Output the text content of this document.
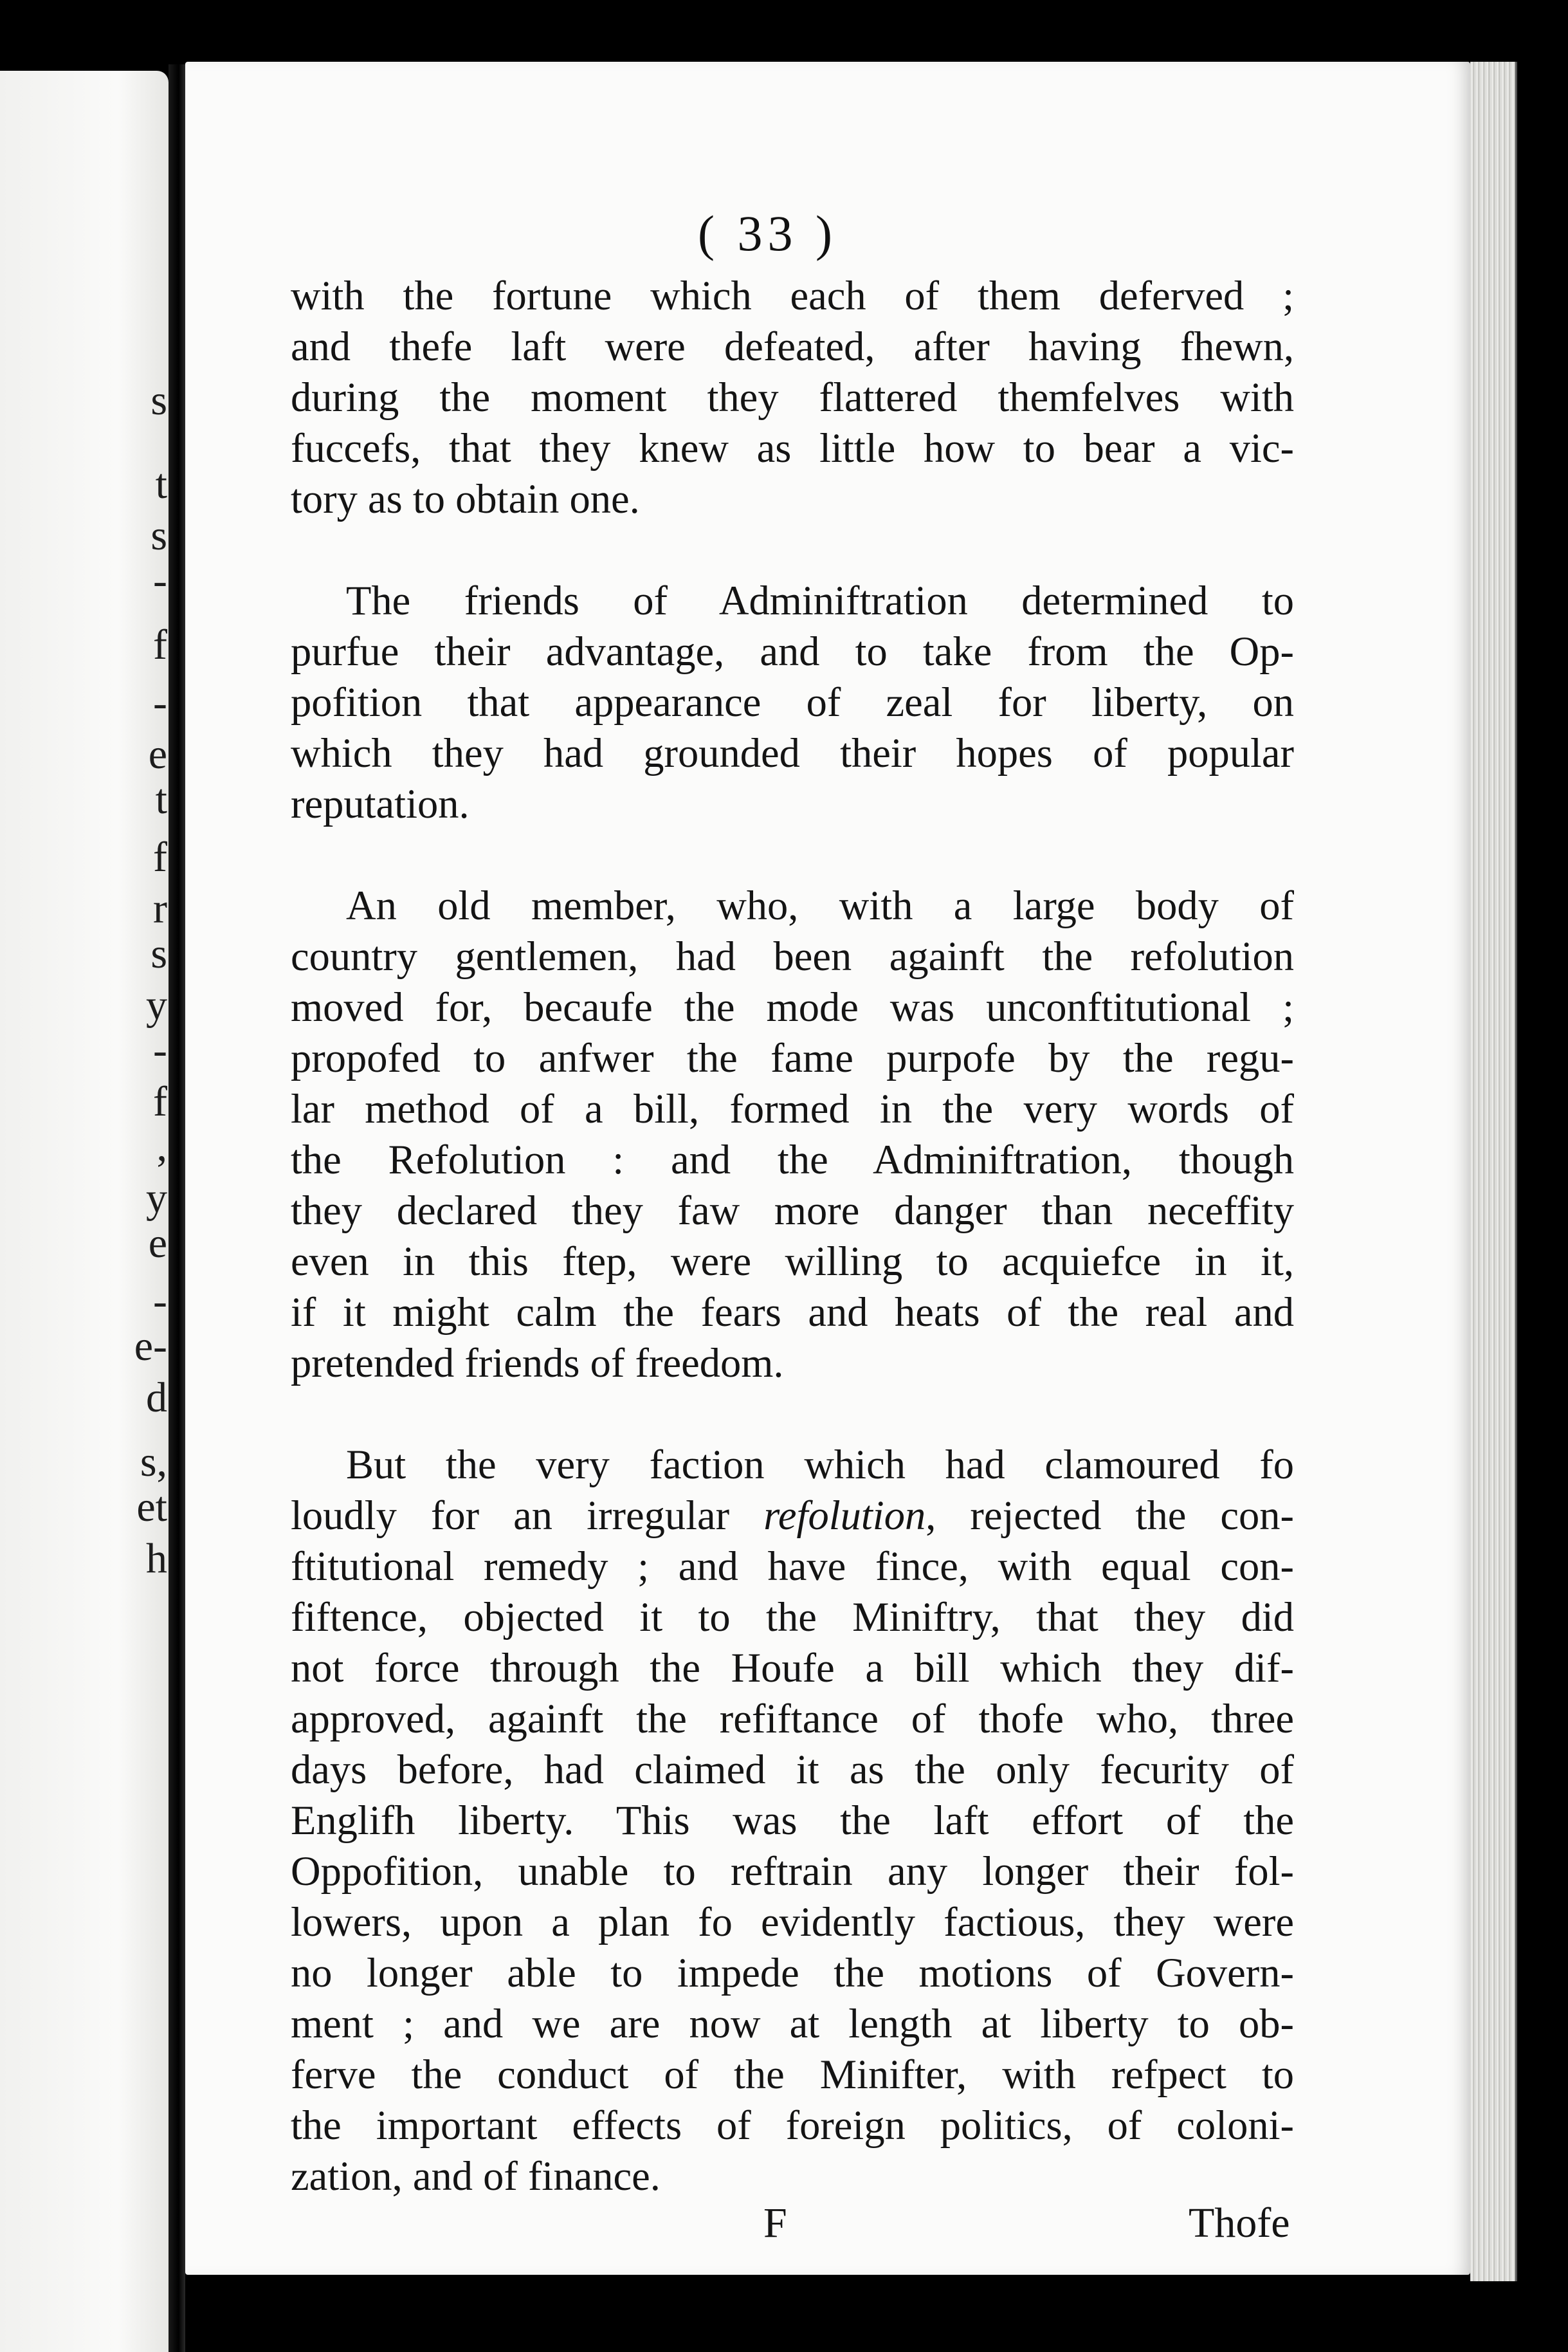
s
t
s
-
f
-
e
t
f
r
s
y
-
f
,
y
e
-
e-
d
s,
et
h
( 33 )
with the fortune which each of them deferved ;
and thefe laft were defeated, after having fhewn,
during the moment they flattered themfelves with
fuccefs, that they knew as little how to bear a vic-
tory as to obtain one.
The friends of Adminiftration determined to
purfue their advantage, and to take from the Op-
pofition that appearance of zeal for liberty, on
which they had grounded their hopes of popular
reputation.
An old member, who, with a large body of
country gentlemen, had been againft the refolution
moved for, becaufe the mode was unconftitutional ;
propofed to anfwer the fame purpofe by the regu-
lar method of a bill, formed in the very words of
the Refolution : and the Adminiftration, though
they declared they faw more danger than neceffity
even in this ftep, were willing to acquiefce in it,
if it might calm the fears and heats of the real and
pretended friends of freedom.
But the very faction which had clamoured fo
loudly for an irregular refolution, rejected the con-
ftitutional remedy ; and have fince, with equal con-
fiftence, objected it to the Miniftry, that they did
not force through the Houfe a bill which they dif-
approved, againft the refiftance of thofe who, three
days before, had claimed it as the only fecurity of
Englifh liberty. This was the laft effort of the
Oppofition, unable to reftrain any longer their fol-
lowers, upon a plan fo evidently factious, they were
no longer able to impede the motions of Govern-
ment ; and we are now at length at liberty to ob-
ferve the conduct of the Minifter, with refpect to
the important effects of foreign politics, of coloni-
zation, and of finance.
F	Thofe
